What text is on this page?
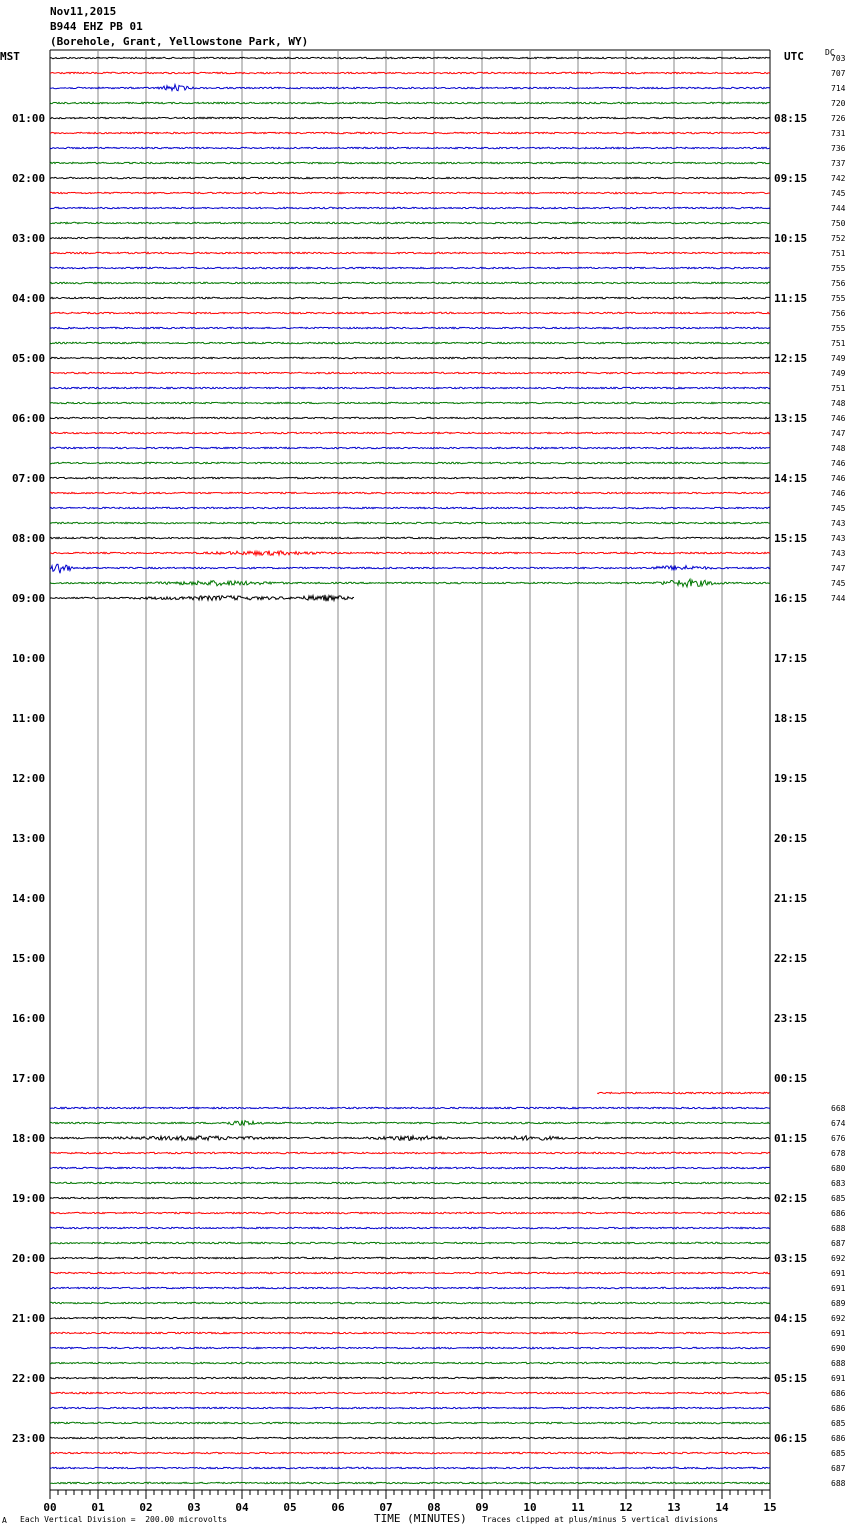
Nov11,2015
B944 EHZ PB 01
(Borehole, Grant, Yellowstone Park, WY)
MST	UTC	DC
703
707
714
720
726
731
736
737
742
745
744
750
752
751
755
756
755
756
755
751
749
749
751
748
746
747
748
746
746
746
745
743
743
743
747
745
744
668
674
676
678
680
683
685
686
688
687
692
691
691
689
692
691
690
688
691
686
686
685
686
685
687
688
01:00
02:00
03:00
04:00
05:00
06:00
07:00
08:00
09:00
10:00
11:00
12:00
13:00
14:00
15:00
16:00
17:00
18:00
19:00
20:00
21:00
22:00
23:00
08:15
09:15
10:15
11:15
12:15
13:15
14:15
15:15
16:15
17:15
18:15
19:15
20:15
21:15
22:15
23:15
00:15
01:15
02:15
03:15
04:15
05:15
06:15
00	01	02	03	04	05	06	07	08	09	10	11	12	13	14	15
A Each Vertical Division =  200.00 microvolts	TIME (MINUTES) Traces clipped at plus/minus 5 vertical divisions
